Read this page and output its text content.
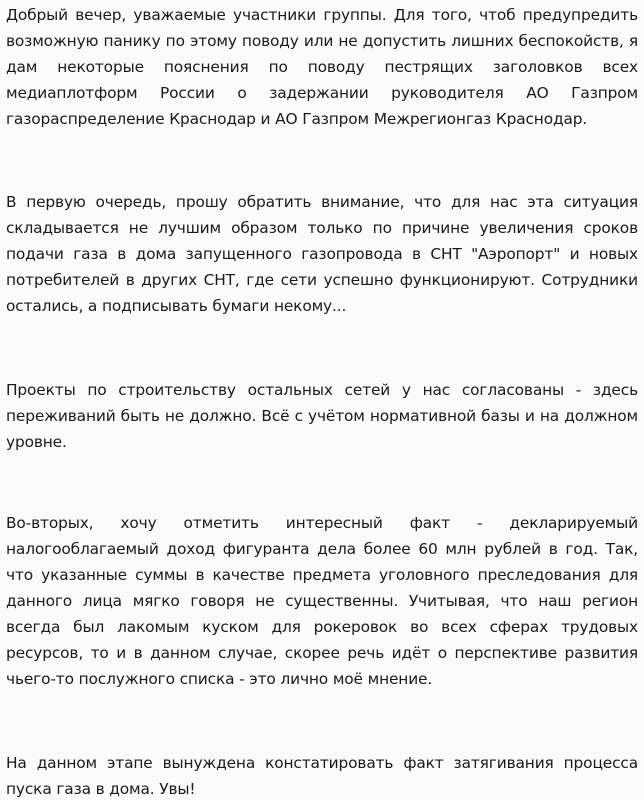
Добрый вечер, уважаемые участники группы. Для того, чтоб предупредить возможную панику по этому поводу или не допустить лишних беспокойств, я дам некоторые пояснения по поводу пестрящих заголовков всех медиаплотформ России о задержании руководителя АО Газпром газораспределение Краснодар и АО Газпром Межрегионгаз Краснодар.

В первую очередь, прошу обратить внимание, что для нас эта ситуация складывается не лучшим образом только по причине увеличения сроков подачи газа в дома запущенного газопровода в СНТ "Аэропорт" и новых потребителей в других СНТ, где сети успешно функционируют. Сотрудники остались, а подписывать бумаги некому...

Проекты по строительству остальных сетей у нас согласованы - здесь переживаний быть не должно. Всё с учётом нормативной базы и на должном уровне.

Во-вторых, хочу отметить интересный факт - декларируемый налогооблагаемый доход фигуранта дела более 60 млн рублей в год. Так, что указанные суммы в качестве предмета уголовного преследования для данного лица мягко говоря не существенны. Учитывая, что наш регион всегда был лакомым куском для рокеровок во всех сферах трудовых ресурсов, то и в данном случае, скорее речь идёт о перспективе развития чьего-то послужного списка - это лично моё мнение.

На данном этапе вынуждена констатировать факт затягивания процесса пуска газа в дома. Увы!
